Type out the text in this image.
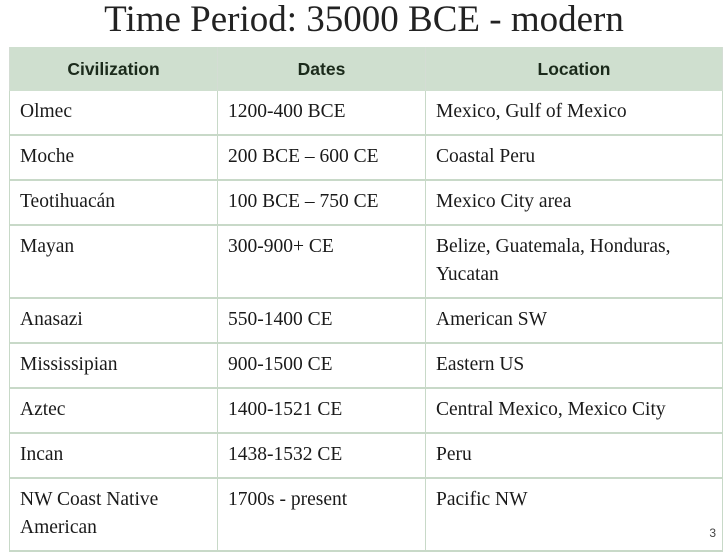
Time Period: 35000 BCE - modern
Civilization	Dates	Location
Olmec	1200-400 BCE	Mexico, Gulf of Mexico
Moche	200 BCE – 600 CE	Coastal Peru
Teotihuacán	100 BCE – 750 CE	Mexico City area
Mayan	300-900+ CE	Belize, Guatemala, Honduras, Yucatan
Anasazi	550-1400 CE	American SW
Mississipian	900-1500 CE	Eastern US
Aztec	1400-1521 CE	Central Mexico, Mexico City
Incan	1438-1532 CE	Peru
NW Coast Native American	1700s - present	Pacific NW
3
